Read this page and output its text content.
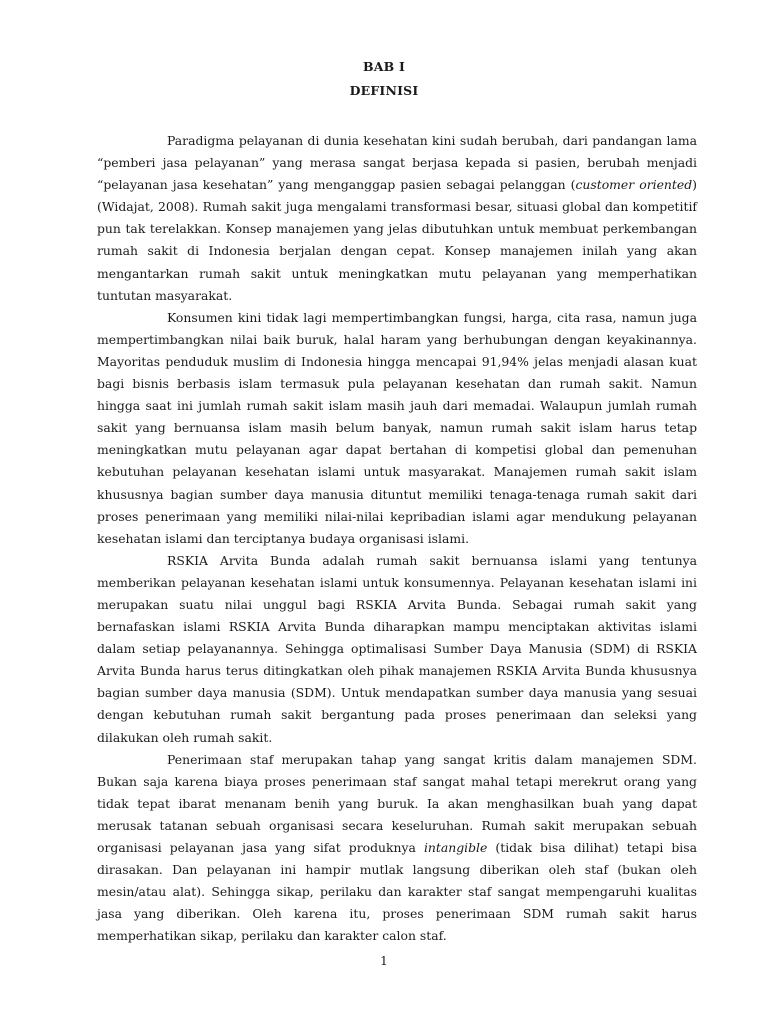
BAB I
DEFINISI

Paradigma pelayanan di dunia kesehatan kini sudah berubah, dari pandangan lama “pemberi jasa pelayanan” yang merasa sangat berjasa kepada si pasien, berubah menjadi “pelayanan jasa kesehatan” yang menganggap pasien sebagai pelanggan (customer oriented) (Widajat, 2008). Rumah sakit juga mengalami transformasi besar, situasi global dan kompetitif pun tak terelakkan. Konsep manajemen yang jelas dibutuhkan untuk membuat perkembangan rumah sakit di Indonesia berjalan dengan cepat. Konsep manajemen inilah yang akan mengantarkan rumah sakit untuk meningkatkan mutu pelayanan yang memperhatikan tuntutan masyarakat.

Konsumen kini tidak lagi mempertimbangkan fungsi, harga, cita rasa, namun juga mempertimbangkan nilai baik buruk, halal haram yang berhubungan dengan keyakinannya. Mayoritas penduduk muslim di Indonesia hingga mencapai 91,94% jelas menjadi alasan kuat bagi bisnis berbasis islam termasuk pula pelayanan kesehatan dan rumah sakit. Namun hingga saat ini jumlah rumah sakit islam masih jauh dari memadai. Walaupun jumlah rumah sakit yang bernuansa islam masih belum banyak, namun rumah sakit islam harus tetap meningkatkan mutu pelayanan agar dapat bertahan di kompetisi global dan pemenuhan kebutuhan pelayanan kesehatan islami untuk masyarakat. Manajemen rumah sakit islam khususnya bagian sumber daya manusia dituntut memiliki tenaga-tenaga rumah sakit dari proses penerimaan yang memiliki nilai-nilai kepribadian islami agar mendukung pelayanan kesehatan islami dan terciptanya budaya organisasi islami.

RSKIA Arvita Bunda adalah rumah sakit bernuansa islami yang tentunya memberikan pelayanan kesehatan islami untuk konsumennya. Pelayanan kesehatan islami ini merupakan suatu nilai unggul bagi RSKIA Arvita Bunda. Sebagai rumah sakit yang bernafaskan islami RSKIA Arvita Bunda diharapkan mampu menciptakan aktivitas islami dalam setiap pelayanannya. Sehingga optimalisasi Sumber Daya Manusia (SDM) di RSKIA Arvita Bunda harus terus ditingkatkan oleh pihak manajemen RSKIA Arvita Bunda khususnya bagian sumber daya manusia (SDM). Untuk mendapatkan sumber daya manusia yang sesuai dengan kebutuhan rumah sakit bergantung pada proses penerimaan dan seleksi yang dilakukan oleh rumah sakit.

Penerimaan staf merupakan tahap yang sangat kritis dalam manajemen SDM. Bukan saja karena biaya proses penerimaan staf sangat mahal tetapi merekrut orang yang tidak tepat ibarat menanam benih yang buruk. Ia akan menghasilkan buah yang dapat merusak tatanan sebuah organisasi secara keseluruhan. Rumah sakit merupakan sebuah organisasi pelayanan jasa yang sifat produknya intangible (tidak bisa dilihat) tetapi bisa dirasakan. Dan pelayanan ini hampir mutlak langsung diberikan oleh staf (bukan oleh mesin/atau alat). Sehingga sikap, perilaku dan karakter staf sangat mempengaruhi kualitas jasa yang diberikan. Oleh karena itu, proses penerimaan SDM rumah sakit harus memperhatikan sikap, perilaku dan karakter calon staf.

1
